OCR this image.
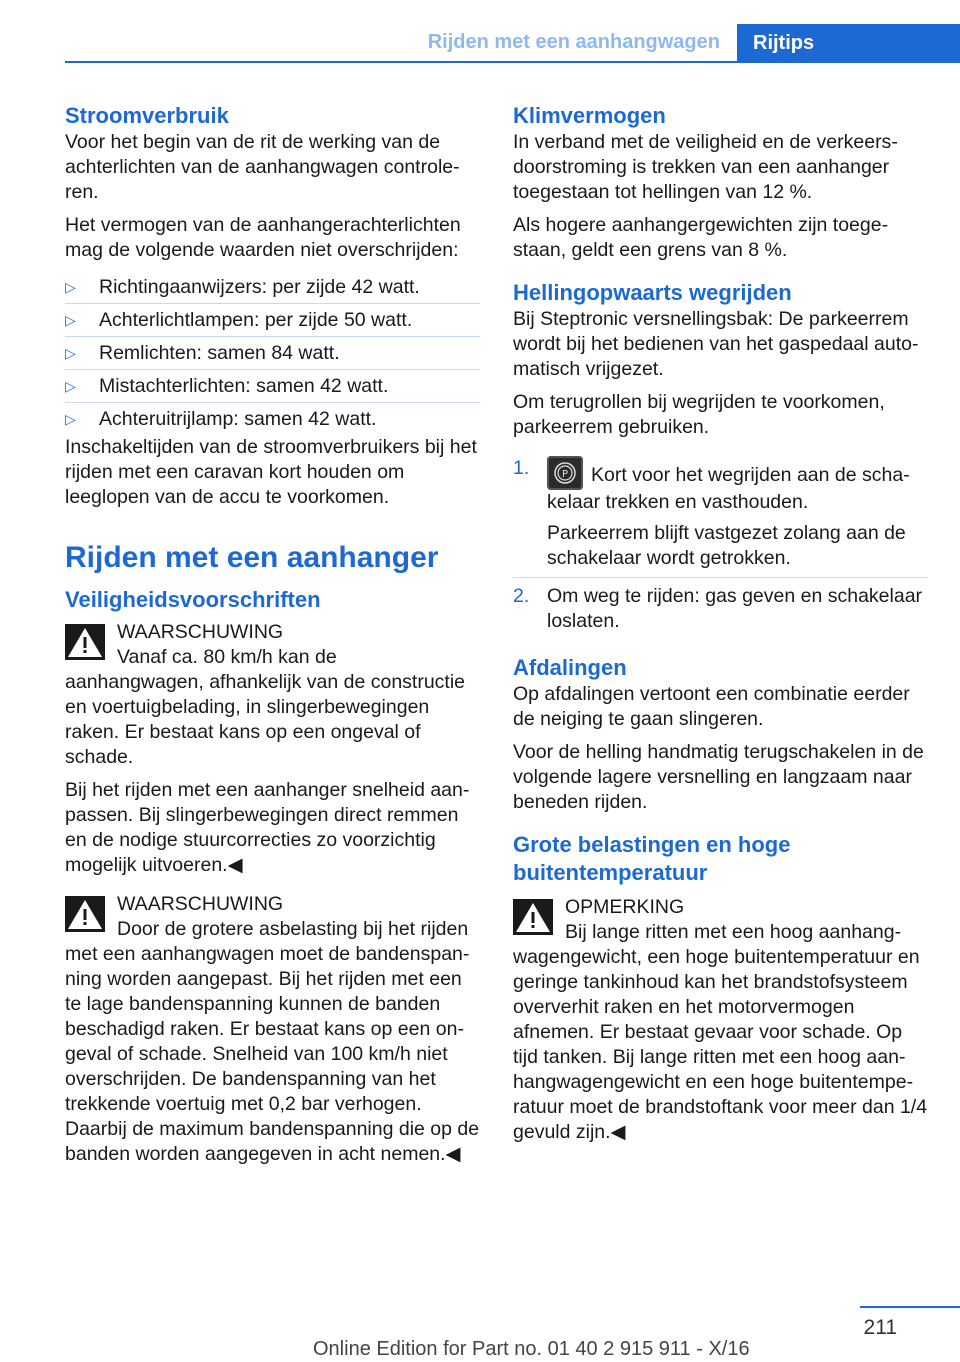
Rijden met een aanhangwagen	Rijtips
Stroomverbruik

Voor het begin van de rit de werking van de achterlichten van de aanhangwagen controleren.

Het vermogen van de aanhangerachterlichten mag de volgende waarden niet overschrijden:

▷ Richtingaanwijzers: per zijde 42 watt.
▷ Achterlichtlampen: per zijde 50 watt.
▷ Remlichten: samen 84 watt.
▷ Mistachterlichten: samen 42 watt.
▷ Achteruitrijlamp: samen 42 watt.

Inschakeltijden van de stroomverbruikers bij het rijden met een caravan kort houden om leeglopen van de accu te voorkomen.

Rijden met een aanhanger
Veiligheidsvoorschriften
WAARSCHUWING

Vanaf ca. 80 km/h kan de aanhangwagen, afhankelijk van de constructie en voertuigbelading, in slingerbewegingen raken. Er bestaat kans op een ongeval of schade.

Bij het rijden met een aanhanger snelheid aanpassen. Bij slingerbewegingen direct remmen en de nodige stuurcorrecties zo voorzichtig mogelijk uitvoeren.◀

WAARSCHUWING

Door de grotere asbelasting bij het rijden met een aanhangwagen moet de bandenspanning worden aangepast. Bij het rijden met een te lage bandenspanning kunnen de banden beschadigd raken. Er bestaat kans op een ongeval of schade. Snelheid van 100 km/h niet overschrijden. De bandenspanning van het trekkende voertuig met 0,2 bar verhogen. Daarbij de maximum bandenspanning die op de banden worden aangegeven in acht nemen.◀

Klimvermogen

In verband met de veiligheid en de verkeersdoorstroming is trekken van een aanhanger toegestaan tot hellingen van 12 %.

Als hogere aanhangergewichten zijn toegestaan, geldt een grens van 8 %.

Hellingopwaarts wegrijden

Bij Steptronic versnellingsbak: De parkeerrem wordt bij het bedienen van het gaspedaal automatisch vrijgezet.

Om terugrollen bij wegrijden te voorkomen, parkeerrem gebruiken.

1.	P Kort voor het wegrijden aan de schakelaar trekken en vasthouden.

Parkeerrem blijft vastgezet zolang aan de schakelaar wordt getrokken.

2. Om weg te rijden: gas geven en schakelaar loslaten.
Afdalingen

Op afdalingen vertoont een combinatie eerder de neiging te gaan slingeren.

Voor de helling handmatig terugschakelen in de volgende lagere versnelling en langzaam naar beneden rijden.

Grote belastingen en hoge buitentemperatuur
OPMERKING

Bij lange ritten met een hoog aanhangwagengewicht, een hoge buitentemperatuur en geringe tankinhoud kan het brandstofsysteem oververhit raken en het motorvermogen afnemen. Er bestaat gevaar voor schade. Op tijd tanken. Bij lange ritten met een hoog aanhangwagengewicht en een hoge buitentemperatuur moet de brandstoftank voor meer dan 1/4 gevuld zijn.◀

211
Online Edition for Part no. 01 40 2 915 911 - X/16
